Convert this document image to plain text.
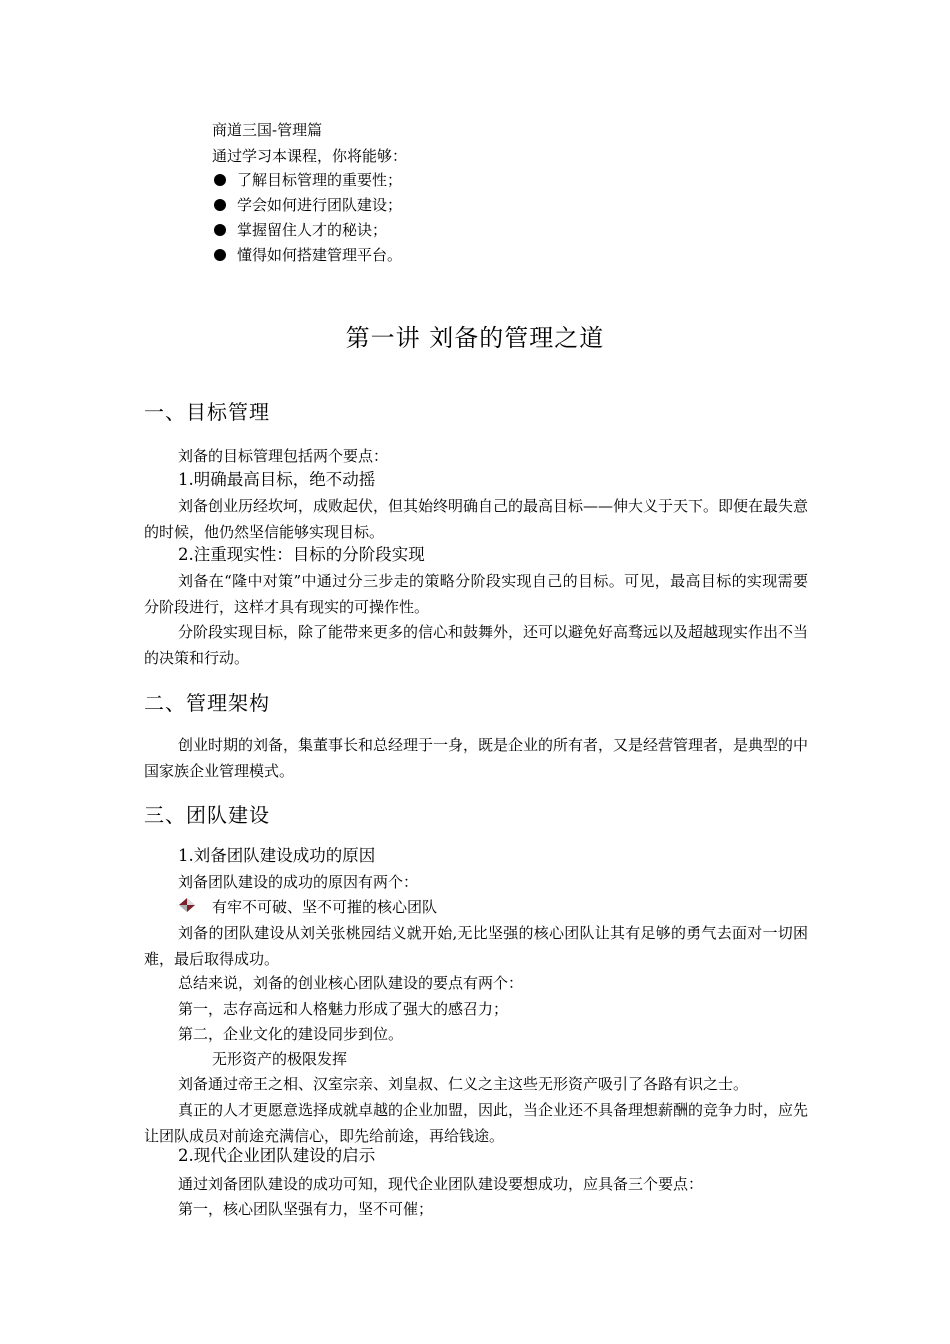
商道三国-管理篇
通过学习本课程，你将能够：
了解目标管理的重要性；
学会如何进行团队建设；
掌握留住人才的秘诀；
懂得如何搭建管理平台。
第一讲 刘备的管理之道
一、目标管理
刘备的目标管理包括两个要点：
1.明确最高目标，绝不动摇
刘备创业历经坎坷，成败起伏，但其始终明确自己的最高目标——伸大义于天下。即便在最失意的时候，他仍然坚信能够实现目标。
2.注重现实性：目标的分阶段实现
刘备在“隆中对策”中通过分三步走的策略分阶段实现自己的目标。可见，最高目标的实现需要分阶段进行，这样才具有现实的可操作性。
分阶段实现目标，除了能带来更多的信心和鼓舞外，还可以避免好高骛远以及超越现实作出不当的决策和行动。
二、管理架构
创业时期的刘备，集董事长和总经理于一身，既是企业的所有者，又是经营管理者，是典型的中国家族企业管理模式。
三、团队建设
1.刘备团队建设成功的原因
刘备团队建设的成功的原因有两个：
有牢不可破、坚不可摧的核心团队
刘备的团队建设从刘关张桃园结义就开始,无比坚强的核心团队让其有足够的勇气去面对一切困难，最后取得成功。
总结来说，刘备的创业核心团队建设的要点有两个：
第一，志存高远和人格魅力形成了强大的感召力；
第二，企业文化的建设同步到位。
无形资产的极限发挥
刘备通过帝王之相、汉室宗亲、刘皇叔、仁义之主这些无形资产吸引了各路有识之士。
真正的人才更愿意选择成就卓越的企业加盟，因此，当企业还不具备理想薪酬的竞争力时，应先让团队成员对前途充满信心，即先给前途，再给钱途。
2.现代企业团队建设的启示
通过刘备团队建设的成功可知，现代企业团队建设要想成功，应具备三个要点：
第一，核心团队坚强有力，坚不可催；
